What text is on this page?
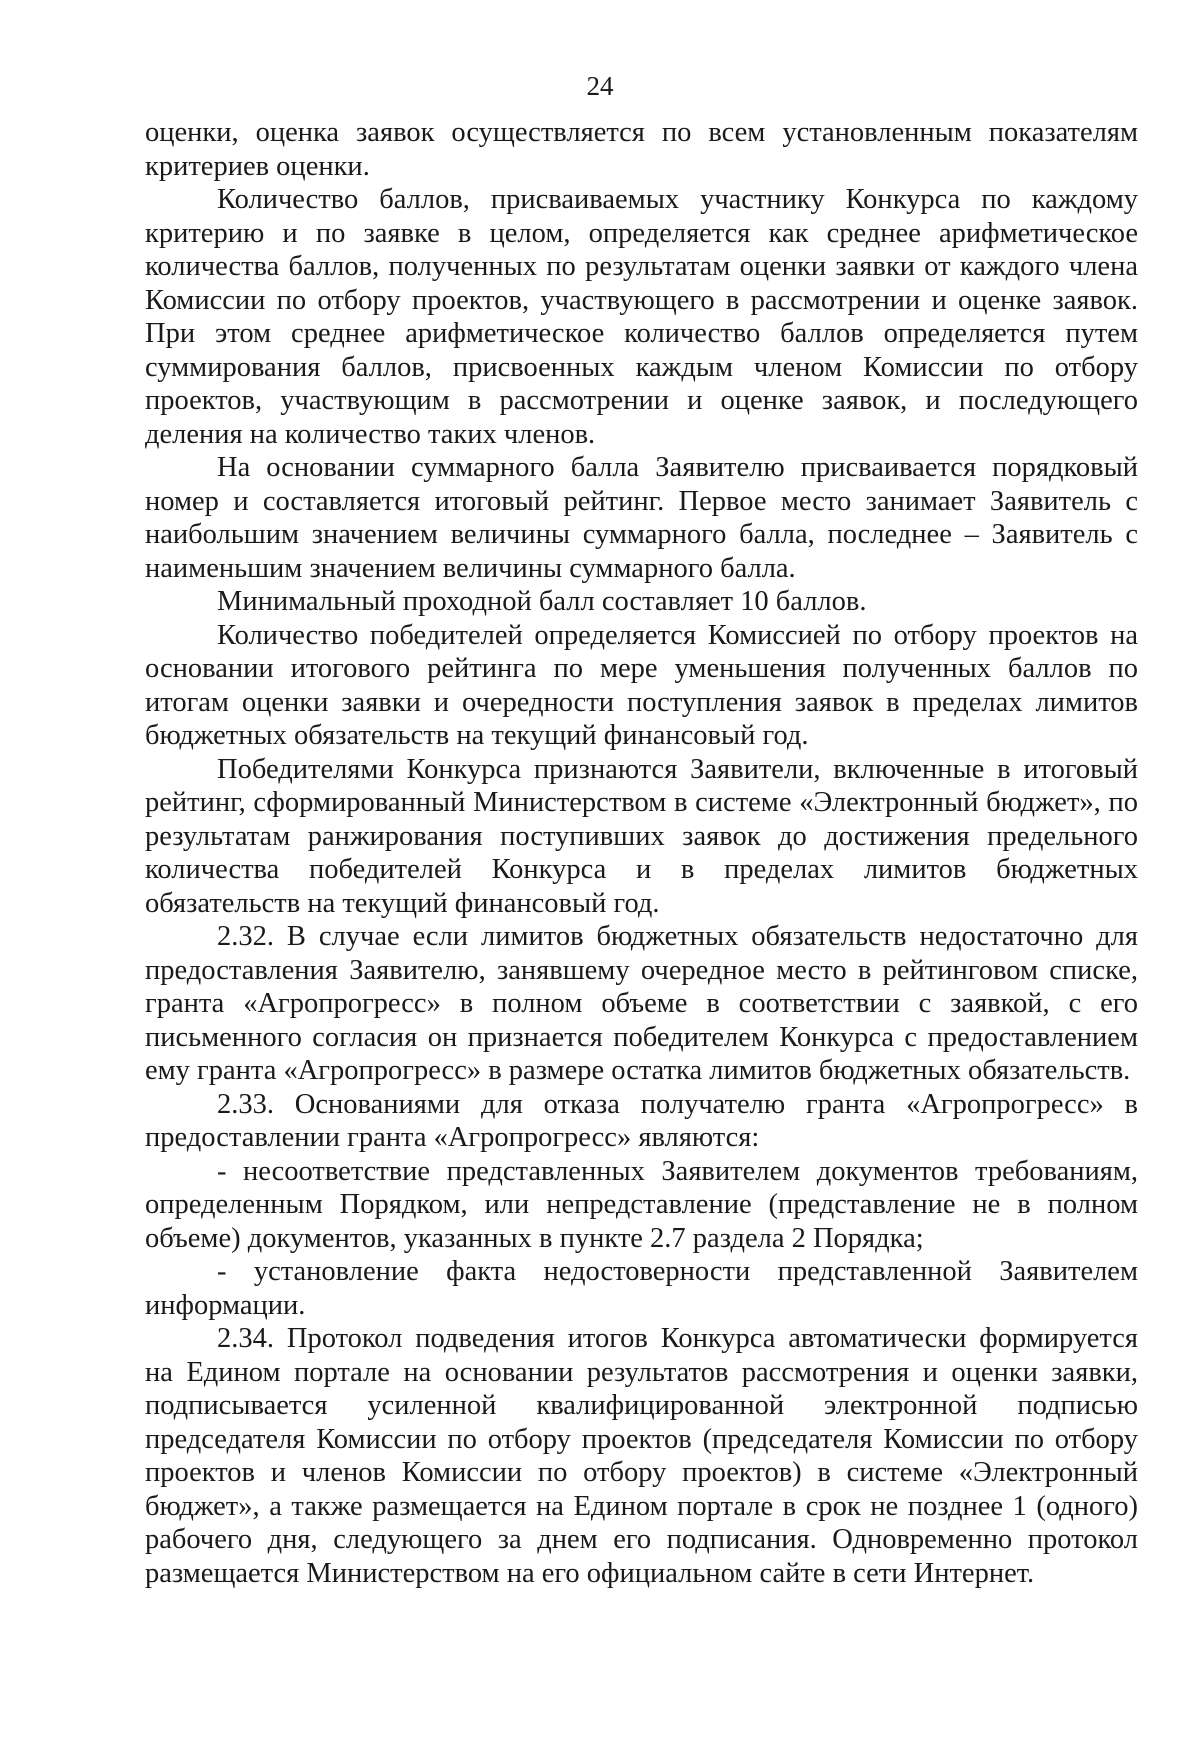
24

оценки, оценка заявок осуществляется по всем установленным показателям критериев оценки.

Количество баллов, присваиваемых участнику Конкурса по каждому критерию и по заявке в целом, определяется как среднее арифметическое количества баллов, полученных по результатам оценки заявки от каждого члена Комиссии по отбору проектов, участвующего в рассмотрении и оценке заявок. При этом среднее арифметическое количество баллов определяется путем суммирования баллов, присвоенных каждым членом Комиссии по отбору проектов, участвующим в рассмотрении и оценке заявок, и последующего деления на количество таких членов.

На основании суммарного балла Заявителю присваивается порядковый номер и составляется итоговый рейтинг. Первое место занимает Заявитель с наибольшим значением величины суммарного балла, последнее – Заявитель с наименьшим значением величины суммарного балла.

Минимальный проходной балл составляет 10 баллов.

Количество победителей определяется Комиссией по отбору проектов на основании итогового рейтинга по мере уменьшения полученных баллов по итогам оценки заявки и очередности поступления заявок в пределах лимитов бюджетных обязательств на текущий финансовый год.

Победителями Конкурса признаются Заявители, включенные в итоговый рейтинг, сформированный Министерством в системе «Электронный бюджет», по результатам ранжирования поступивших заявок до достижения предельного количества победителей Конкурса и в пределах лимитов бюджетных обязательств на текущий финансовый год.

2.32. В случае если лимитов бюджетных обязательств недостаточно для предоставления Заявителю, занявшему очередное место в рейтинговом списке, гранта «Агропрогресс» в полном объеме в соответствии с заявкой, с его письменного согласия он признается победителем Конкурса с предоставлением ему гранта «Агропрогресс» в размере остатка лимитов бюджетных обязательств.

2.33. Основаниями для отказа получателю гранта «Агропрогресс» в предоставлении гранта «Агропрогресс» являются:

- несоответствие представленных Заявителем документов требованиям, определенным Порядком, или непредставление (представление не в полном объеме) документов, указанных в пункте 2.7 раздела 2 Порядка;

- установление факта недостоверности представленной Заявителем информации.

2.34. Протокол подведения итогов Конкурса автоматически формируется на Едином портале на основании результатов рассмотрения и оценки заявки, подписывается усиленной квалифицированной электронной подписью председателя Комиссии по отбору проектов (председателя Комиссии по отбору проектов и членов Комиссии по отбору проектов) в системе «Электронный бюджет», а также размещается на Едином портале в срок не позднее 1 (одного) рабочего дня, следующего за днем его подписания. Одновременно протокол размещается Министерством на его официальном сайте в сети Интернет.
